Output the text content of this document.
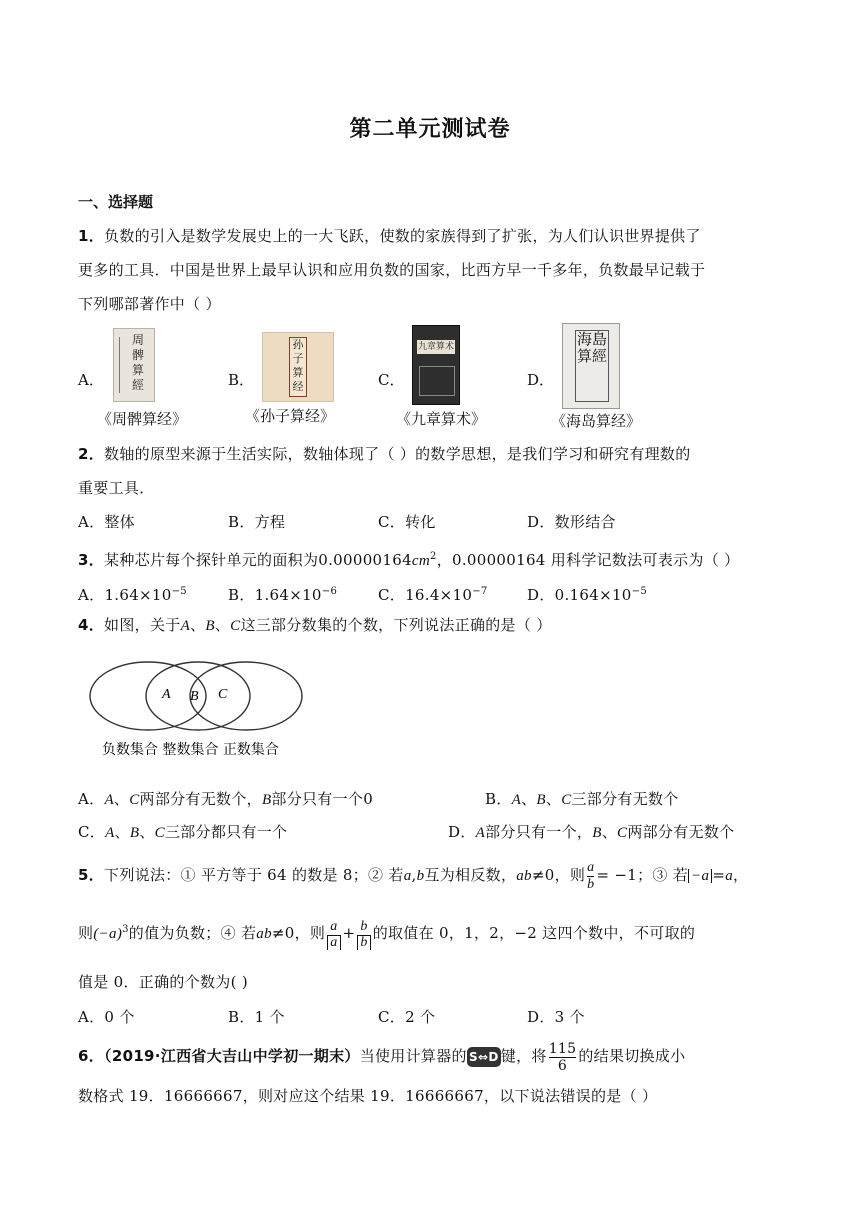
第二单元测试卷
一、选择题
1．负数的引入是数学发展史上的一大飞跃，使数的家族得到了扩张，为人们认识世界提供了
更多的工具．中国是世界上最早认识和应用负数的国家，比西方早一千多年，负数最早记载于
下列哪部著作中（ ）
A．
周髀算經
《周髀算经》
B．
孙子算经
《孙子算经》
C．
九章算术
《九章算术》
D．
海島算經
《海岛算经》
2．数轴的原型来源于生活实际，数轴体现了（ ）的数学思想，是我们学习和研究有理数的
重要工具．
A．整体	B．方程	C．转化	D．数形结合
3．某种芯片每个探针单元的面积为$0.00000164cm^2$，0.00000164 用科学记数法可表示为（ ）
A．$1.64\times 10^{-5}$	B．$1.64\times 10^{-6}$	C．$16.4\times 10^{-7}$	D．$0.164\times 10^{-5}$
4．如图，关于A、B、C这三部分数集的个数，下列说法正确的是（ ）
A B C
负数集合 整数集合 正数集合
A．A、C两部分有无数个，B部分只有一个0	B．A、B、C三部分有无数个
C．A、B、C三部分都只有一个	D．A部分只有一个，B、C两部分有无数个
5．下列说法：① 平方等于 64 的数是 8；② 若a,b互为相反数，ab≠0，则 $\frac{a}{b} = -1$；③ 若 −a =a，
则$(-a)^3$的值为负数；④ 若ab≠0，则 $\frac{a}{a} + \frac{b}{b}$ 的取值在 0，1，2，−2 这四个数中，不可取的
值是 0．正确的个数为( )
A．0 个	B．1 个	C．2 个	D．3 个
6．（2019·江西省大吉山中学初一期末）当使用计算器的 S⇔D 键，将 $\frac{115}{6}$ 的结果切换成小
数格式 19．16666667，则对应这个结果 19．16666667，以下说法错误的是（ ）
